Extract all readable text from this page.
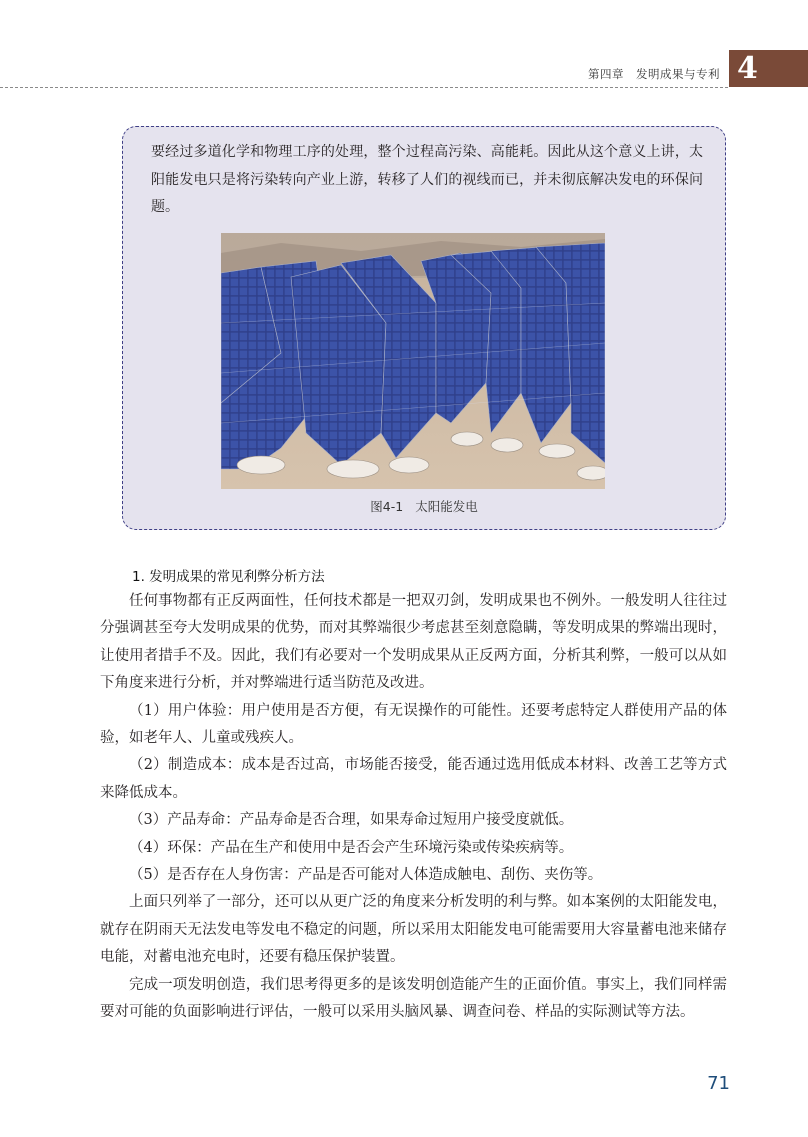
第四章　发明成果与专利 4

要经过多道化学和物理工序的处理，整个过程高污染、高能耗。因此从这个意义上讲，太阳能发电只是将污染转向产业上游，转移了人们的视线而已，并未彻底解决发电的环保问题。

图4-1 太阳能发电
1. 发明成果的常见利弊分析方法

任何事物都有正反两面性，任何技术都是一把双刃剑，发明成果也不例外。一般发明人往往过分强调甚至夸大发明成果的优势，而对其弊端很少考虑甚至刻意隐瞒，等发明成果的弊端出现时，让使用者措手不及。因此，我们有必要对一个发明成果从正反两方面，分析其利弊，一般可以从如下角度来进行分析，并对弊端进行适当防范及改进。

（1）用户体验：用户使用是否方便，有无误操作的可能性。还要考虑特定人群使用产品的体验，如老年人、儿童或残疾人。

（2）制造成本：成本是否过高，市场能否接受，能否通过选用低成本材料、改善工艺等方式来降低成本。

（3）产品寿命：产品寿命是否合理，如果寿命过短用户接受度就低。

（4）环保：产品在生产和使用中是否会产生环境污染或传染疾病等。

（5）是否存在人身伤害：产品是否可能对人体造成触电、刮伤、夹伤等。

上面只列举了一部分，还可以从更广泛的角度来分析发明的利与弊。如本案例的太阳能发电，就存在阴雨天无法发电等发电不稳定的问题，所以采用太阳能发电可能需要用大容量蓄电池来储存电能，对蓄电池充电时，还要有稳压保护装置。

完成一项发明创造，我们思考得更多的是该发明创造能产生的正面价值。事实上，我们同样需要对可能的负面影响进行评估，一般可以采用头脑风暴、调查问卷、样品的实际测试等方法。

71
